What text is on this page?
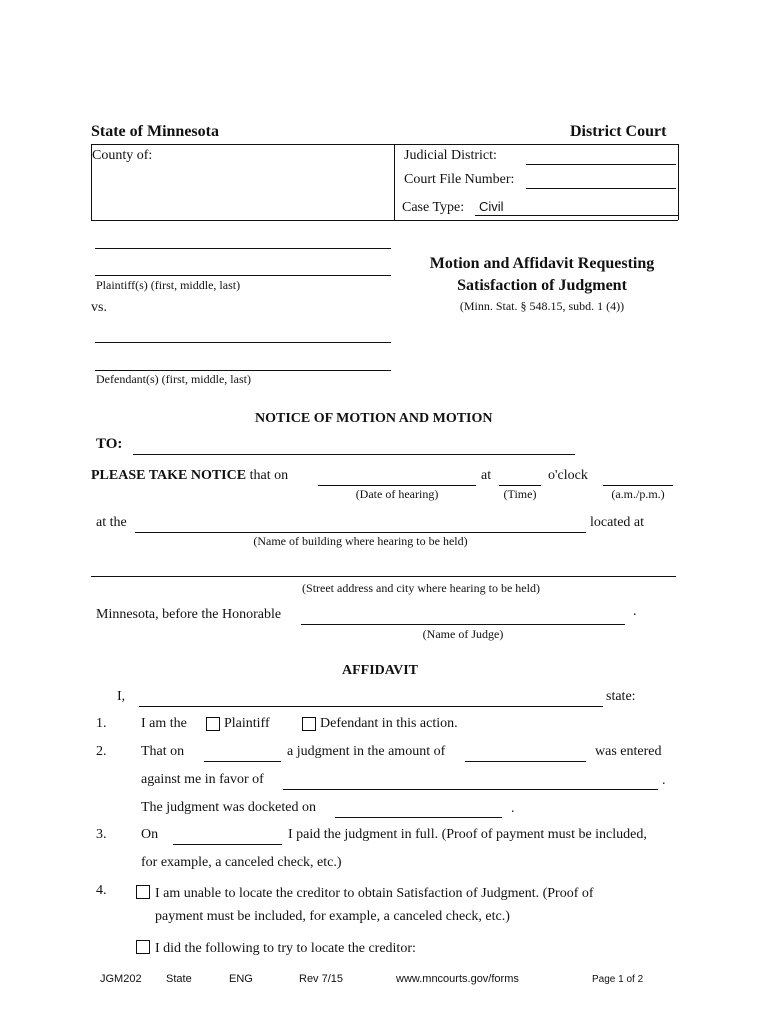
State of Minnesota	District Court
County of:	Judicial District:
Court File Number:
Case Type: Civil
Plaintiff(s) (first, middle, last)
vs.
Defendant(s) (first, middle, last)
Motion and Affidavit Requesting
Satisfaction of Judgment
(Minn. Stat. § 548.15, subd. 1 (4))
NOTICE OF MOTION AND MOTION
TO:
PLEASE TAKE NOTICE that on	at	o'clock
(Date of hearing)	(Time)	(a.m./p.m.)
at the	located at
(Name of building where hearing to be held)
(Street address and city where hearing to be held)
Minnesota, before the Honorable	.
(Name of Judge)
AFFIDAVIT
I,	state:
1. I am the	Plaintiff	Defendant in this action.
2. That on	a judgment in the amount of	was entered
against me in favor of	.
The judgment was docketed on	.
3. On	I paid the judgment in full. (Proof of payment must be included,
for example, a canceled check, etc.)
4.	I am unable to locate the creditor to obtain Satisfaction of Judgment. (Proof of
payment must be included, for example, a canceled check, etc.)
I did the following to try to locate the creditor:
JGM202 State	ENG	Rev 7/15	www.mncourts.gov/forms	Page 1 of 2
